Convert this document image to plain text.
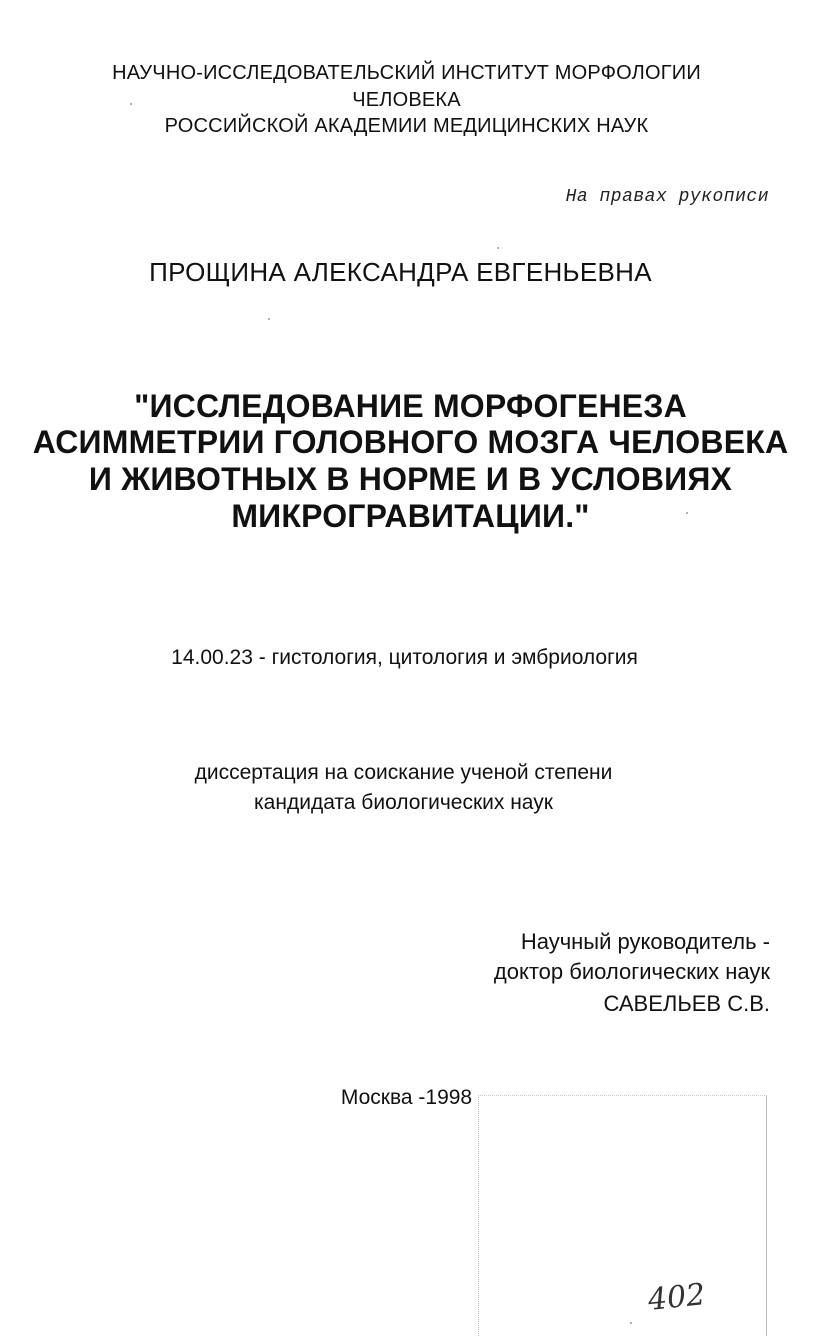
НАУЧНО-ИССЛЕДОВАТЕЛЬСКИЙ ИНСТИТУТ МОРФОЛОГИИ
ЧЕЛОВЕКА
РОССИЙСКОЙ АКАДЕМИИ МЕДИЦИНСКИХ НАУК
На правах рукописи
ПРОЩИНА АЛЕКСАНДРА ЕВГЕНЬЕВНА
"ИССЛЕДОВАНИЕ МОРФОГЕНЕЗА
АСИММЕТРИИ ГОЛОВНОГО МОЗГА ЧЕЛОВЕКА
И ЖИВОТНЫХ В НОРМЕ И В УСЛОВИЯХ
МИКРОГРАВИТАЦИИ."
14.00.23 - гистология, цитология и эмбриология
диссертация на соискание ученой степени
кандидата биологических наук
Научный руководитель -
доктор биологических наук
САВЕЛЬЕВ С.В.
Москва -1998
402
